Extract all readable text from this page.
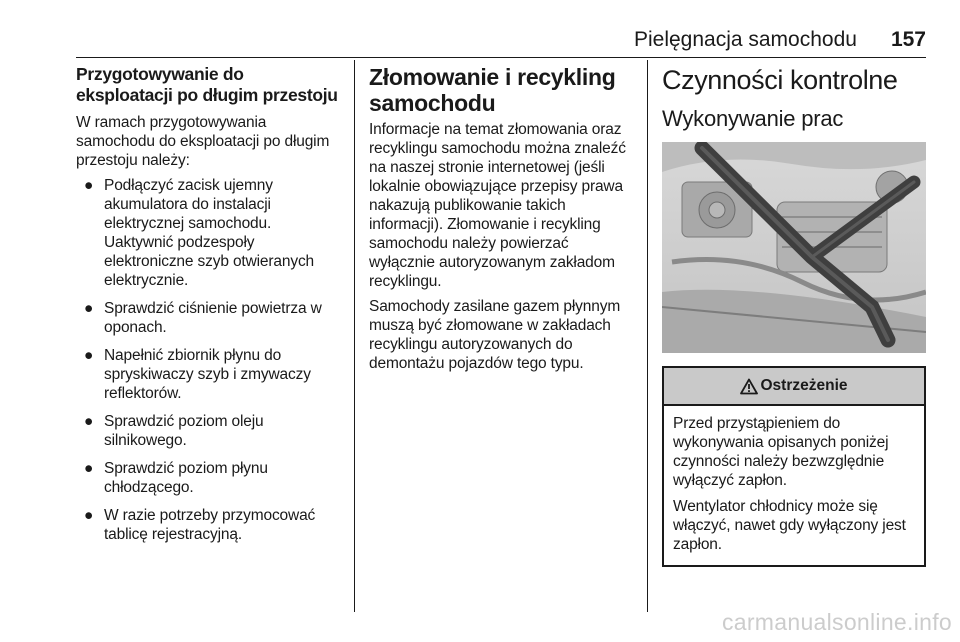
Pielęgnacja samochodu 157
Przygotowywanie do eksploatacji po długim przestoju

W ramach przygotowywania samochodu do eksploatacji po długim przestoju należy:

● Podłączyć zacisk ujemny akumulatora do instalacji elektrycznej samochodu. Uaktywnić podzespoły elektroniczne szyb otwieranych elektrycznie.
● Sprawdzić ciśnienie powietrza w oponach.
● Napełnić zbiornik płynu do spryskiwaczy szyb i zmywaczy reflektorów.
● Sprawdzić poziom oleju silnikowego.
● Sprawdzić poziom płynu chłodzącego.
● W razie potrzeby przymocować tablicę rejestracyjną.
Złomowanie i recykling samochodu

Informacje na temat złomowania oraz recyklingu samochodu można znaleźć na naszej stronie internetowej (jeśli lokalnie obowiązujące przepisy prawa nakazują publikowanie takich informacji). Złomowanie i recykling samochodu należy powierzać wyłącznie autoryzowanym zakładom recyklingu.

Samochody zasilane gazem płynnym muszą być złomowane w zakładach recyklingu autoryzowanych do demontażu pojazdów tego typu.

Czynności kontrolne
Wykonywanie prac
Ostrzeżenie

Przed przystąpieniem do wykonywania opisanych poniżej czynności należy bezwzględnie wyłączyć zapłon.

Wentylator chłodnicy może się włączyć, nawet gdy wyłączony jest zapłon.

carmanualsonline.info
